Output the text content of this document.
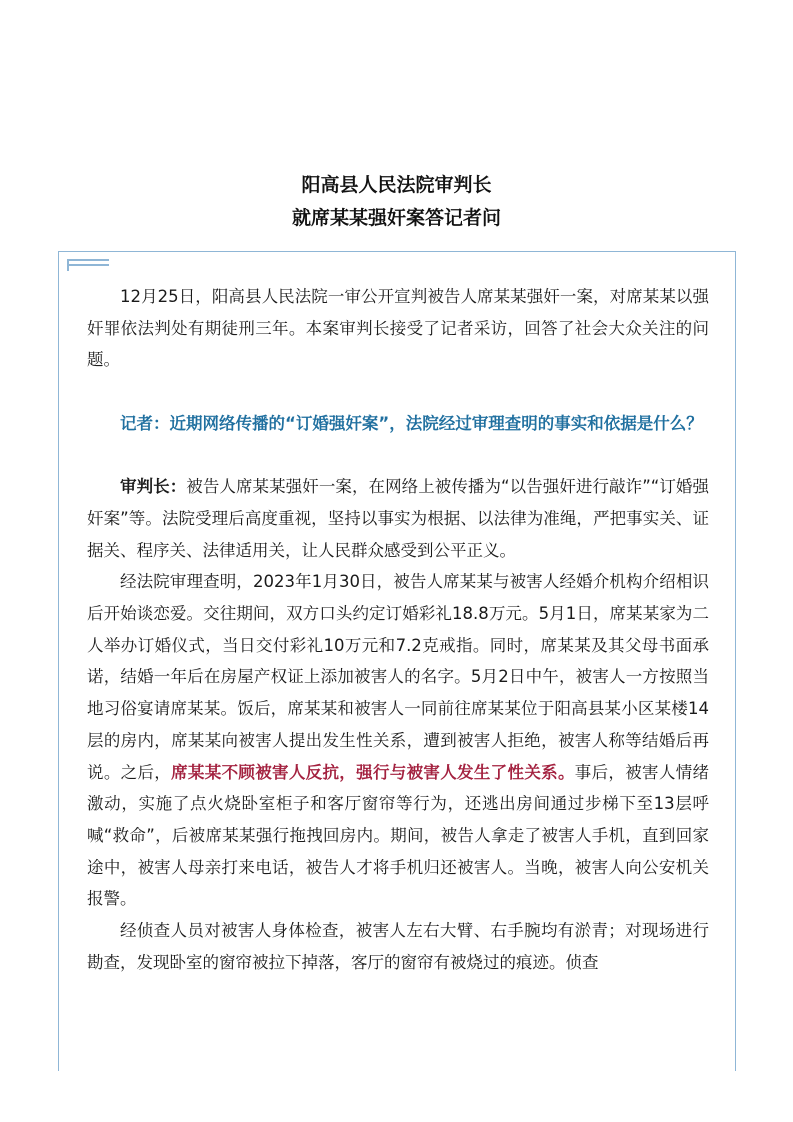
阳高县人民法院审判长
就席某某强奸案答记者问

12月25日，阳高县人民法院一审公开宣判被告人席某某强奸一案，对席某某以强奸罪依法判处有期徒刑三年。本案审判长接受了记者采访，回答了社会大众关注的问题。

记者：近期网络传播的“订婚强奸案”，法院经过审理查明的事实和依据是什么？

审判长：被告人席某某强奸一案，在网络上被传播为“以告强奸进行敲诈”“订婚强奸案”等。法院受理后高度重视，坚持以事实为根据、以法律为准绳，严把事实关、证据关、程序关、法律适用关，让人民群众感受到公平正义。

经法院审理查明，2023年1月30日，被告人席某某与被害人经婚介机构介绍相识后开始谈恋爱。交往期间，双方口头约定订婚彩礼18.8万元。5月1日，席某某家为二人举办订婚仪式，当日交付彩礼10万元和7.2克戒指。同时，席某某及其父母书面承诺，结婚一年后在房屋产权证上添加被害人的名字。5月2日中午，被害人一方按照当地习俗宴请席某某。饭后，席某某和被害人一同前往席某某位于阳高县某小区某楼14层的房内，席某某向被害人提出发生性关系，遭到被害人拒绝，被害人称等结婚后再说。之后，席某某不顾被害人反抗，强行与被害人发生了性关系。事后，被害人情绪激动，实施了点火烧卧室柜子和客厅窗帘等行为，还逃出房间通过步梯下至13层呼喊“救命”，后被席某某强行拖拽回房内。期间，被告人拿走了被害人手机，直到回家途中，被害人母亲打来电话，被告人才将手机归还被害人。当晚，被害人向公安机关报警。

经侦查人员对被害人身体检查，被害人左右大臂、右手腕均有淤青；对现场进行勘查，发现卧室的窗帘被拉下掉落，客厅的窗帘有被烧过的痕迹。侦查
